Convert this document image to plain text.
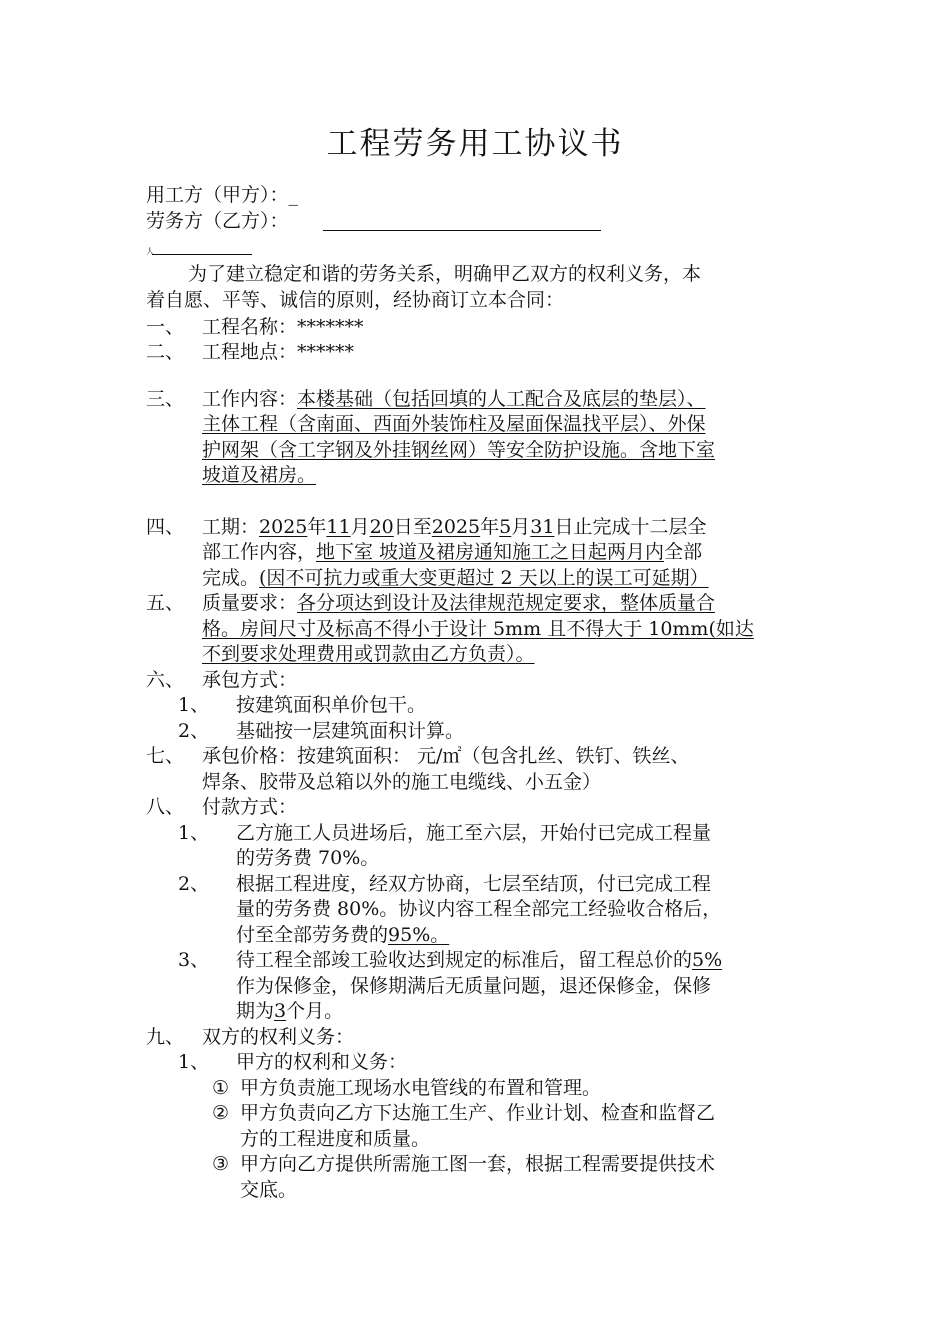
工程劳务用工协议书
用工方（甲方）：_
劳务方（乙方）：
人
为了建立稳定和谐的劳务关系，明确甲乙双方的权利义务，本
着自愿、平等、诚信的原则，经协商订立本合同：
一、 工程名称：*******
二、 工程地点：******
三、 工作内容：本楼基础（包括回填的人工配合及底层的垫层）、
主体工程（含南面、西面外装饰柱及屋面保温找平层）、外保
护网架（含工字钢及外挂钢丝网）等安全防护设施。含地下室
坡道及裙房。
四、 工期：2025年11月20日至2025年5月31日止完成十二层全
部工作内容，地下室 坡道及裙房通知施工之日起两月内全部
完成。(因不可抗力或重大变更超过 2 天以上的误工可延期）
五、 质量要求：各分项达到设计及法律规范规定要求，整体质量合
格。房间尺寸及标高不得小于设计 5mm 且不得大于 10mm(如达
不到要求处理费用或罚款由乙方负责）。
六、 承包方式：
1、 按建筑面积单价包干。
2、 基础按一层建筑面积计算。
七、 承包价格：按建筑面积： 元/㎡（包含扎丝、铁钉、铁丝、
焊条、胶带及总箱以外的施工电缆线、小五金）
八、 付款方式：
1、 乙方施工人员进场后，施工至六层，开始付已完成工程量
的劳务费 70%。
2、 根据工程进度，经双方协商，七层至结顶，付已完成工程
量的劳务费 80%。协议内容工程全部完工经验收合格后，
付至全部劳务费的95%。
3、 待工程全部竣工验收达到规定的标准后，留工程总价的5%
作为保修金，保修期满后无质量问题，退还保修金，保修
期为3个月。
九、 双方的权利义务：
1、 甲方的权利和义务：
① 甲方负责施工现场水电管线的布置和管理。
② 甲方负责向乙方下达施工生产、作业计划、检查和监督乙
方的工程进度和质量。
③ 甲方向乙方提供所需施工图一套，根据工程需要提供技术
交底。
